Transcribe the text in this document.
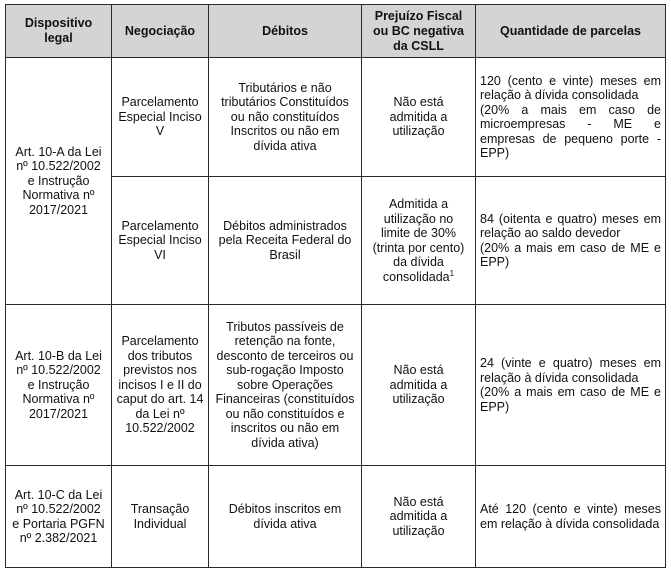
Dispositivo legal	Negociação	Débitos	Prejuízo Fiscal ou BC negativa da CSLL	Quantidade de parcelas
Art. 10-A da Lei nº 10.522/2002 e Instrução Normativa nº 2017/2021	Parcelamento Especial Inciso V	Tributários e não tributários Constituídos ou não constituídos Inscritos ou não em dívida ativa	Não está admitida a utilização	120 (cento e vinte) meses em relação à dívida consolidada
(20% a mais em caso de microempresas - ME e empresas de pequeno porte - EPP)

	Parcelamento Especial Inciso VI	Débitos administrados pela Receita Federal do Brasil	Admitida a utilização no limite de 30% (trinta por cento) da dívida consolidada$^1$	84 (oitenta e quatro) meses em relação ao saldo devedor
(20% a mais em caso de ME e EPP)

Art. 10-B da Lei nº 10.522/2002 e Instrução Normativa nº 2017/2021	Parcelamento dos tributos previstos nos incisos I e II do caput do art. 14 da Lei nº 10.522/2002	Tributos passíveis de retenção na fonte, desconto de terceiros ou sub-rogação Imposto sobre Operações Financeiras (constituídos ou não constituídos e inscritos ou não em dívida ativa)	Não está admitida a utilização	24 (vinte e quatro) meses em relação à dívida consolidada
(20% a mais em caso de ME e EPP)

Art. 10-C da Lei nº 10.522/2002 e Portaria PGFN nº 2.382/2021	Transação Individual	Débitos inscritos em dívida ativa	Não está admitida a utilização	Até 120 (cento e vinte) meses em relação à dívida consolidada
